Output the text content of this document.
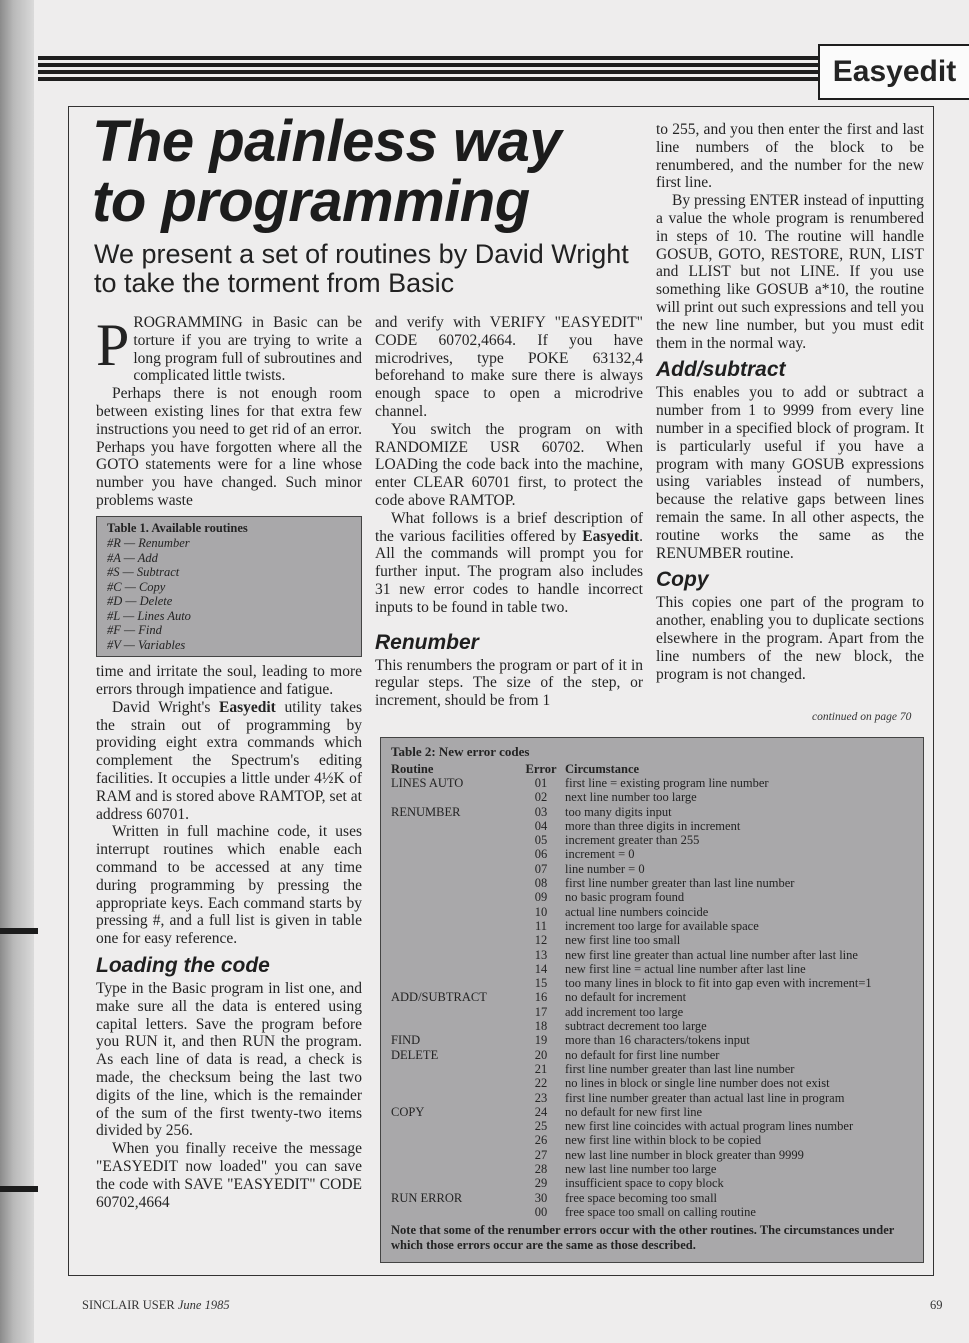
Easyedit
The painless way
to programming

We present a set of routines by David Wright to take the torment from Basic

PROGRAMMING in Basic can be torture if you are trying to write a long program full of subroutines and complicated little twists.

Perhaps there is not enough room between existing lines for that extra few instructions you need to get rid of an error. Perhaps you have forgotten where all the GOTO statements were for a line whose number you have changed. Such minor problems waste

Table 1. Available routines
#R — Renumber
#A — Add
#S — Subtract
#C — Copy
#D — Delete
#L — Lines Auto
#F — Find
#V — Variables

time and irritate the soul, leading to more errors through impatience and fatigue.

David Wright's Easyedit utility takes the strain out of programming by providing eight extra commands which complement the Spectrum's editing facilities. It occupies a little under 4½K of RAM and is stored above RAMTOP, set at address 60701.

Written in full machine code, it uses interrupt routines which enable each command to be accessed at any time during programming by pressing the appropriate keys. Each command starts by pressing #, and a full list is given in table one for easy reference.

Loading the code

Type in the Basic program in list one, and make sure all the data is entered using capital letters. Save the program before you RUN it, and then RUN the program. As each line of data is read, a check is made, the checksum being the last two digits of the line, which is the remainder of the sum of the first twenty-two items divided by 256.

When you finally receive the message "EASYEDIT now loaded" you can save the code with SAVE "EASYEDIT" CODE 60702,4664

and verify with VERIFY "EASYEDIT" CODE 60702,4664. If you have microdrives, type POKE 63132,4 beforehand to make sure there is always enough space to open a microdrive channel.

You switch the program on with RANDOMIZE USR 60702. When LOADing the code back into the machine, enter CLEAR 60701 first, to protect the code above RAMTOP.

What follows is a brief description of the various facilities offered by Easyedit. All the commands will prompt you for further input. The program also includes 31 new error codes to handle incorrect inputs to be found in table two.

Renumber

This renumbers the program or part of it in regular steps. The size of the step, or increment, should be from 1

to 255, and you then enter the first and last line numbers of the block to be renumbered, and the number for the new first line.

By pressing ENTER instead of inputting a value the whole program is renumbered in steps of 10. The routine will handle GOSUB, GOTO, RESTORE, RUN, LIST and LLIST but not LINE. If you use something like GOSUB a*10, the routine will print out such expressions and tell you the new line number, but you must edit them in the normal way.

Add/subtract

This enables you to add or subtract a number from 1 to 9999 from every line number in a specified block of program. It is particularly useful if you have a program with many GOSUB expressions using variables instead of numbers, because the relative gaps between lines remain the same. In all other aspects, the routine works the same as the RENUMBER routine.

Copy

This copies one part of the program to another, enabling you to duplicate sections elsewhere in the program. Apart from the line numbers of the new block, the program is not changed.

continued on page 70
Table 2: New error codes
Routine	Error	Circumstance
LINES AUTO	01	first line = existing program line number
	02	next line number too large
RENUMBER	03	too many digits input
	04	more than three digits in increment
	05	increment greater than 255
	06	increment = 0
	07	line number = 0
	08	first line number greater than last line number
	09	no basic program found
	10	actual line numbers coincide
	11	increment too large for available space
	12	new first line too small
	13	new first line greater than actual line number after last line
	14	new first line = actual line number after last line
	15	too many lines in block to fit into gap even with increment=1
ADD/SUBTRACT	16	no default for increment
	17	add increment too large
	18	subtract decrement too large
FIND	19	more than 16 characters/tokens input
DELETE	20	no default for first line number
	21	first line number greater than last line number
	22	no lines in block or single line number does not exist
	23	first line number greater than actual last line in program
COPY	24	no default for new first line
	25	new first line coincides with actual program lines number
	26	new first line within block to be copied
	27	new last line number in block greater than 9999
	28	new last line number too large
	29	insufficient space to copy block
RUN ERROR	30	free space becoming too small
	00	free space too small on calling routine
Note that some of the renumber errors occur with the other routines. The circumstances under which those errors occur are the same as those described.
SINCLAIR USER June 1985	69
